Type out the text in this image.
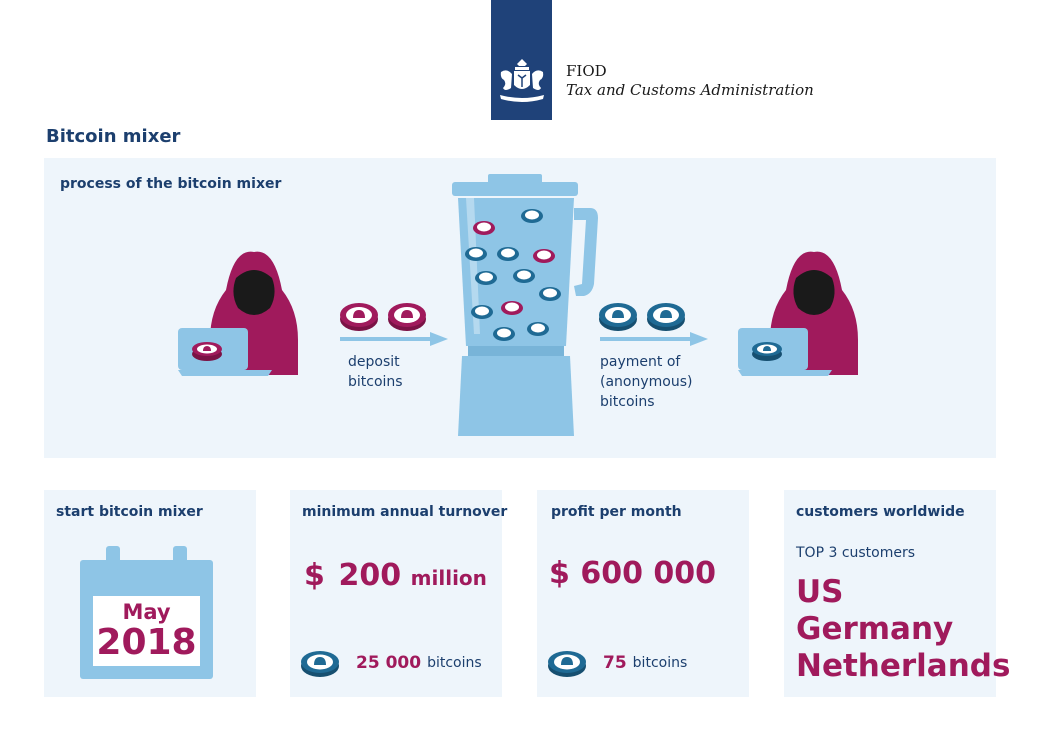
FIOD
Tax and Customs Administration
Bitcoin mixer
process of the bitcoin mixer
deposit
bitcoins
payment of
(anonymous)
bitcoins
start bitcoin mixer
May
2018
minimum annual turnover
$ 200 million
25 000 bitcoins
profit per month
$ 600 000
75 bitcoins
customers worldwide
TOP 3 customers
US
Germany
Netherlands
